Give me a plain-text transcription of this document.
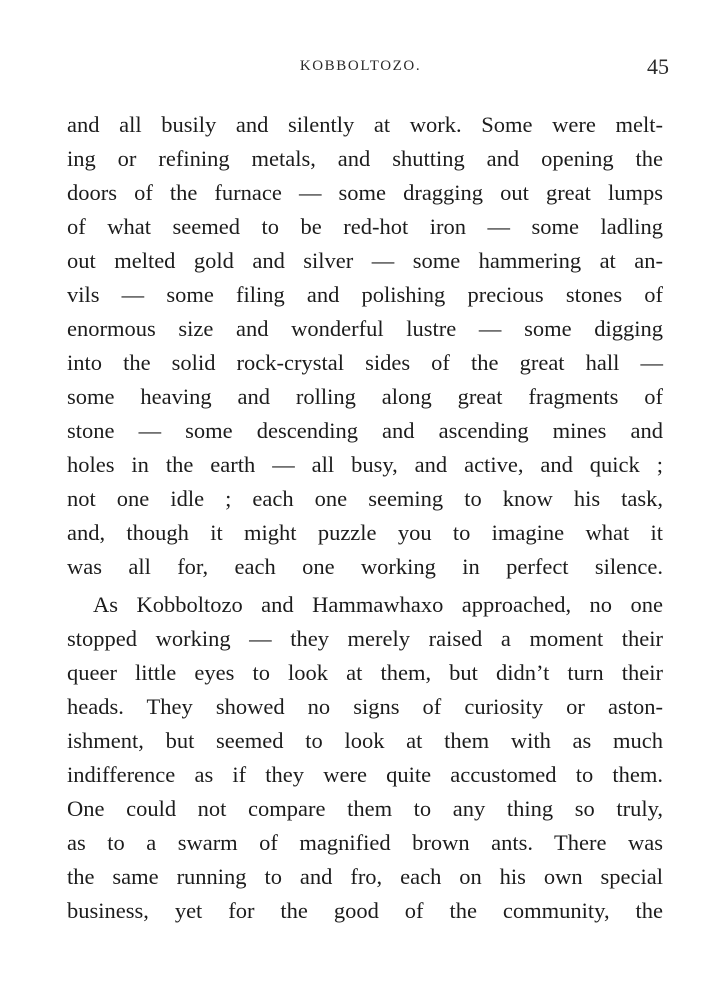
KOBBOLTOZO.	45
and all busily and silently at work. Some were melt-
ing or refining metals, and shutting and opening the
doors of the furnace — some dragging out great lumps
of what seemed to be red-hot iron — some ladling
out melted gold and silver — some hammering at an-
vils — some filing and polishing precious stones of
enormous size and wonderful lustre — some digging
into the solid rock-crystal sides of the great hall —
some heaving and rolling along great fragments of
stone — some descending and ascending mines and
holes in the earth — all busy, and active, and quick ;
not one idle ; each one seeming to know his task,
and, though it might puzzle you to imagine what it
was all for, each one working in perfect silence.
As Kobboltozo and Hammawhaxo approached, no one
stopped working — they merely raised a moment their
queer little eyes to look at them, but didn’t turn their
heads. They showed no signs of curiosity or aston-
ishment, but seemed to look at them with as much
indifference as if they were quite accustomed to them.
One could not compare them to any thing so truly,
as to a swarm of magnified brown ants. There was
the same running to and fro, each on his own special
business, yet for the good of the community, the
